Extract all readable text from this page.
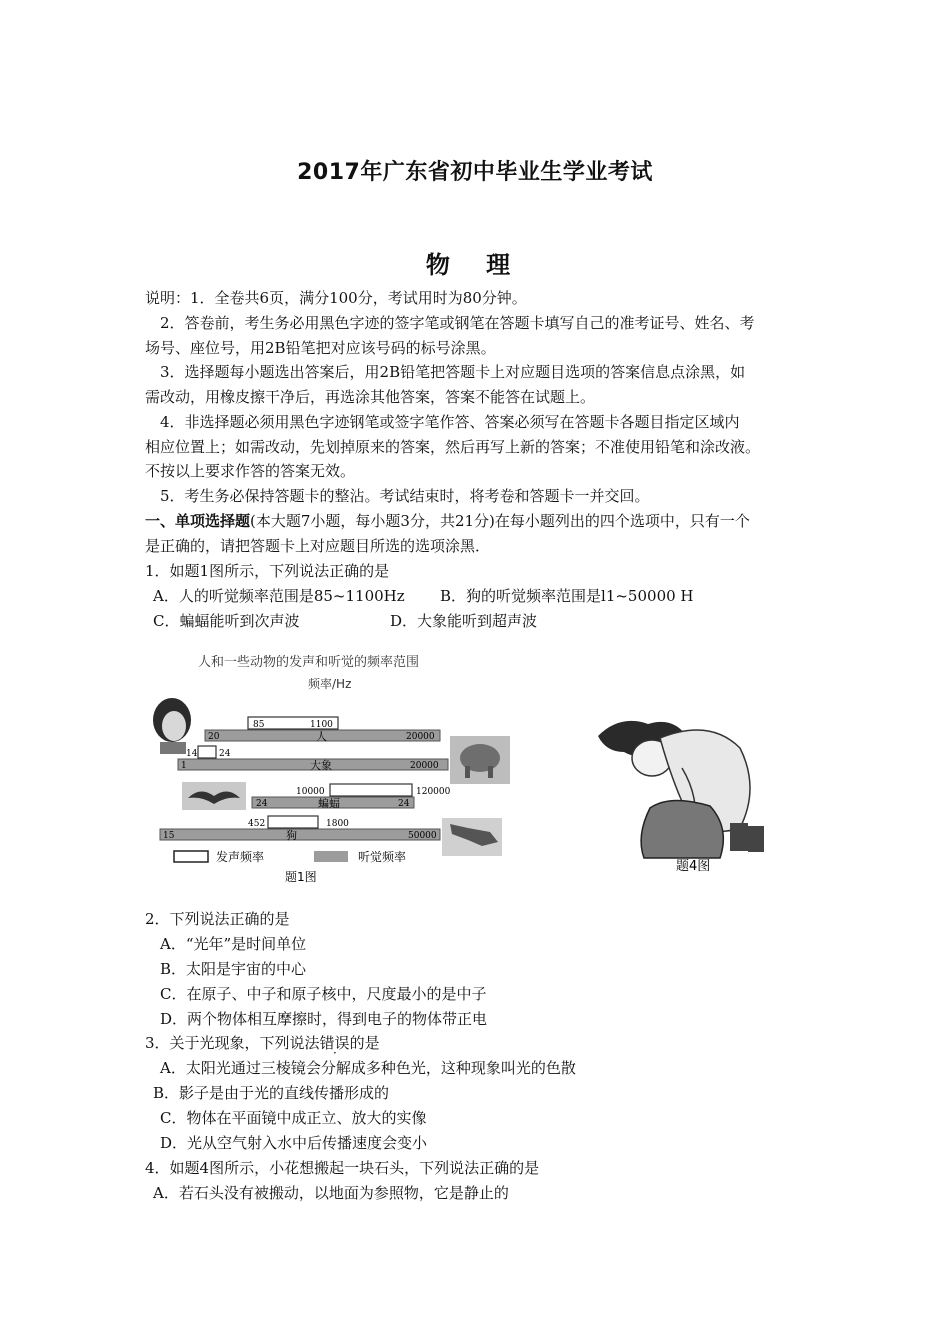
2017年广东省初中毕业生学业考试
物 理
说明：1．全卷共6页，满分100分，考试用时为80分钟。
2．答卷前，考生务必用黑色字迹的签字笔或钢笔在答题卡填写自己的准考证号、姓名、考
场号、座位号，用2B铅笔把对应该号码的标号涂黑。
3．选择题每小题选出答案后，用2B铅笔把答题卡上对应题目选项的答案信息点涂黑，如
需改动，用橡皮擦干净后，再选涂其他答案，答案不能答在试题上。
4．非选择题必须用黑色字迹钢笔或签字笔作答、答案必须写在答题卡各题目指定区域内
相应位置上；如需改动，先划掉原来的答案，然后再写上新的答案；不准使用铅笔和涂改液。
不按以上要求作答的答案无效。
5．考生务必保持答题卡的整沾。考试结束时，将考卷和答题卡一并交回。
一、单项选择题(本大题7小题，每小题3分，共21分)在每小题列出的四个选项中，只有一个
是正确的，请把答题卡上对应题目所选的选项涂黑．
1．如题1图所示，下列说法正确的是
A．人的听觉频率范围是85~1100Hz B．狗的听觉频率范围是l1~50000 H
C．蝙蝠能听到次声波	D．大象能听到超声波
人和一些动物的发声和听觉的频率范围
频率/Hz
85	1100
20	人	20000
14 24
1	大象	20000
10000	120000
24	蝙蝠	24
452	1800
15	狗	50000
发声频率	听觉频率
题1图
题4图
2．下列说法正确的是
A．“光年”是时间单位
B．太阳是宇宙的中心
C．在原子、中子和原子核中，尺度最小的是中子
D．两个物体相互摩擦时，得到电子的物体带正电
3．关于光现象，下列说法错误的是
A．太阳光通过三棱镜会分解成多种色光，这种现象叫光的色散
B．影子是由于光的直线传播形成的
C．物体在平面镜中成正立、放大的实像
D．光从空气射入水中后传播速度会变小
4．如题4图所示，小花想搬起一块石头，下列说法正确的是
A．若石头没有被搬动，以地面为参照物，它是静止的
